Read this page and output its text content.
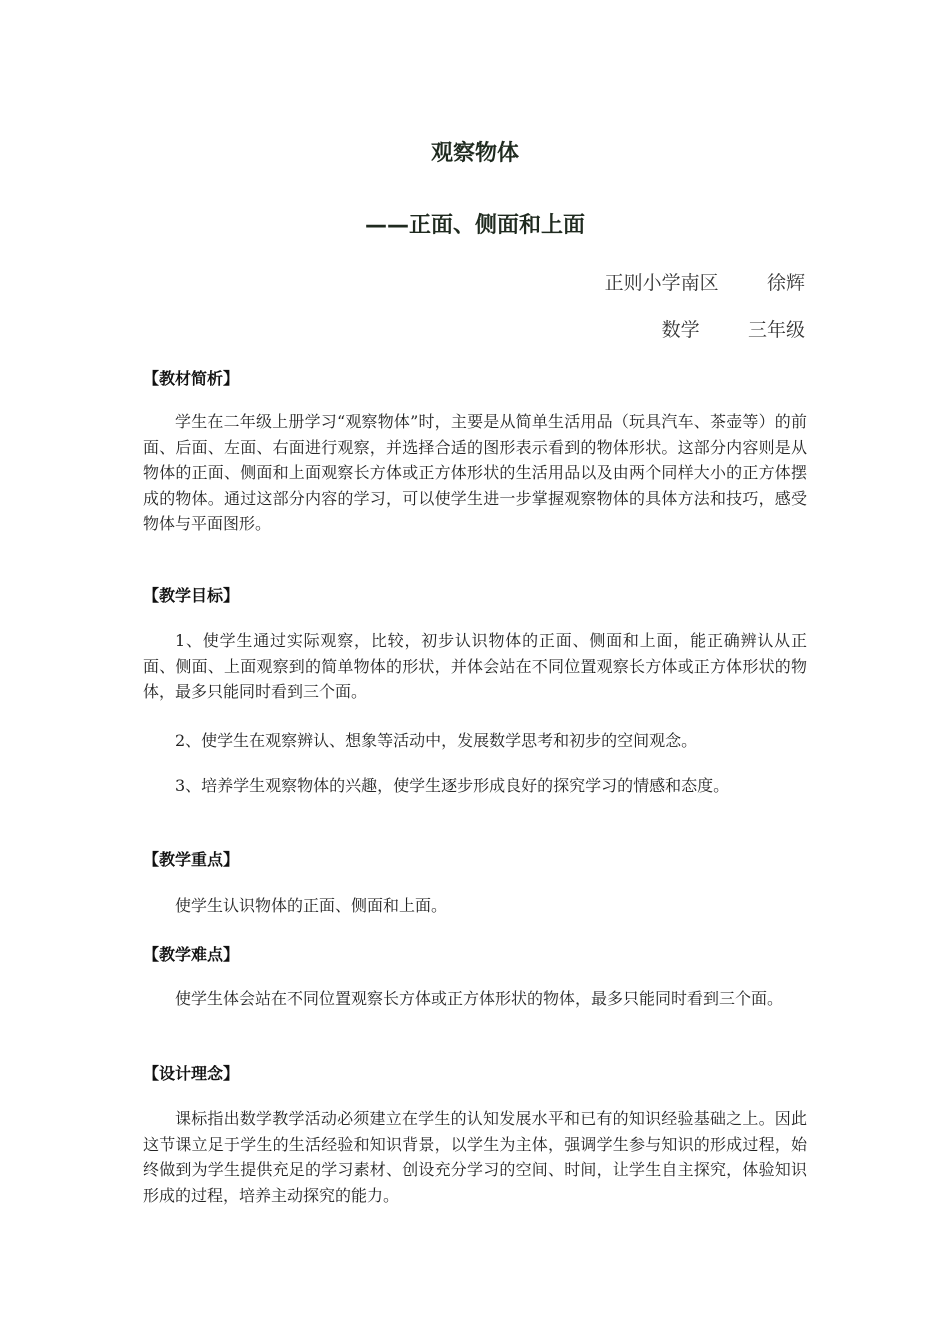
观察物体
——正面、侧面和上面
正则小学南区        徐辉
数学        三年级
【教材简析】
学生在二年级上册学习“观察物体”时，主要是从简单生活用品（玩具汽车、茶壶等）的前面、后面、左面、右面进行观察，并选择合适的图形表示看到的物体形状。这部分内容则是从物体的正面、侧面和上面观察长方体或正方体形状的生活用品以及由两个同样大小的正方体摆成的物体。通过这部分内容的学习，可以使学生进一步掌握观察物体的具体方法和技巧，感受物体与平面图形。
【教学目标】
1、使学生通过实际观察，比较，初步认识物体的正面、侧面和上面，能正确辨认从正面、侧面、上面观察到的简单物体的形状，并体会站在不同位置观察长方体或正方体形状的物体，最多只能同时看到三个面。
2、使学生在观察辨认、想象等活动中，发展数学思考和初步的空间观念。
3、培养学生观察物体的兴趣，使学生逐步形成良好的探究学习的情感和态度。
【教学重点】
使学生认识物体的正面、侧面和上面。
【教学难点】
使学生体会站在不同位置观察长方体或正方体形状的物体，最多只能同时看到三个面。
【设计理念】
课标指出数学教学活动必须建立在学生的认知发展水平和已有的知识经验基础之上。因此这节课立足于学生的生活经验和知识背景，以学生为主体，强调学生参与知识的形成过程，始终做到为学生提供充足的学习素材、创设充分学习的空间、时间，让学生自主探究，体验知识形成的过程，培养主动探究的能力。
